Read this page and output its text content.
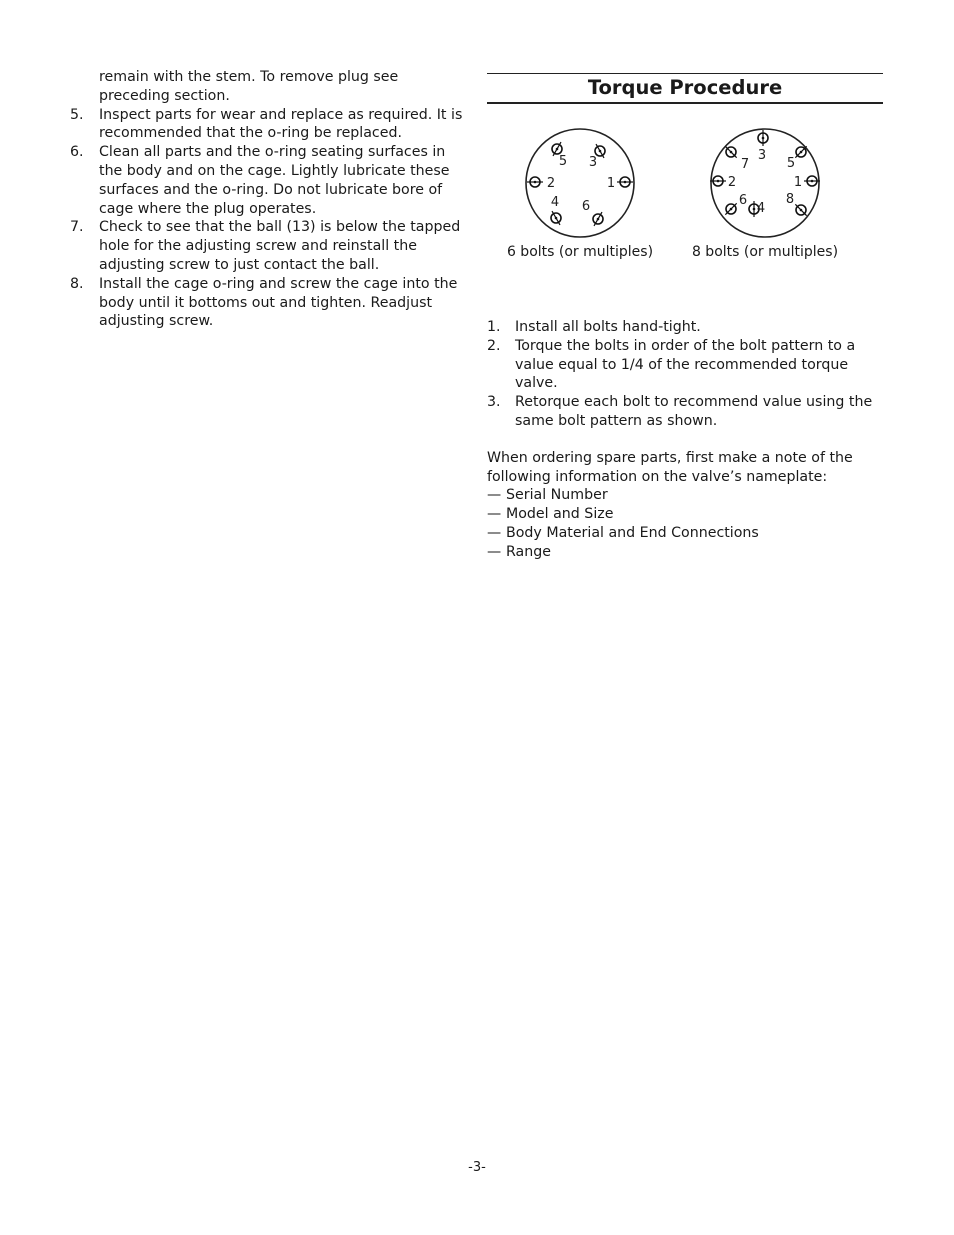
remain with the stem. To remove plug see preceding section.
5.	Inspect parts for wear and replace as required. It is recommended that the o-ring be replaced.
6.	Clean all parts and the o-ring seating surfaces in the body and on the cage. Lightly lubricate these surfaces and the o-ring. Do not lubricate bore of cage where the plug operates.
7.	Check to see that the ball (13) is below the tapped hole for the adjusting screw and reinstall the adjusting screw to just contact the ball.
8.	Install the cage o-ring and screw the cage into the body until it bottoms out and tighten. Readjust adjusting screw.
Torque Procedure
1
2
3
4
5
6
6 bolts (or multiples)
1
2
3
4
5
6
7
8
8 bolts (or multiples)
1.	Install all bolts hand-tight.
2.	Torque the bolts in order of the bolt pattern to a value equal to 1/4 of the recommended torque valve.
3.	Retorque each bolt to recommend value using the same bolt pattern as shown.
When ordering spare parts, first make a note of the following information on the valve’s nameplate:
— Serial Number
— Model and Size
— Body Material and End Connections
— Range
-3-
